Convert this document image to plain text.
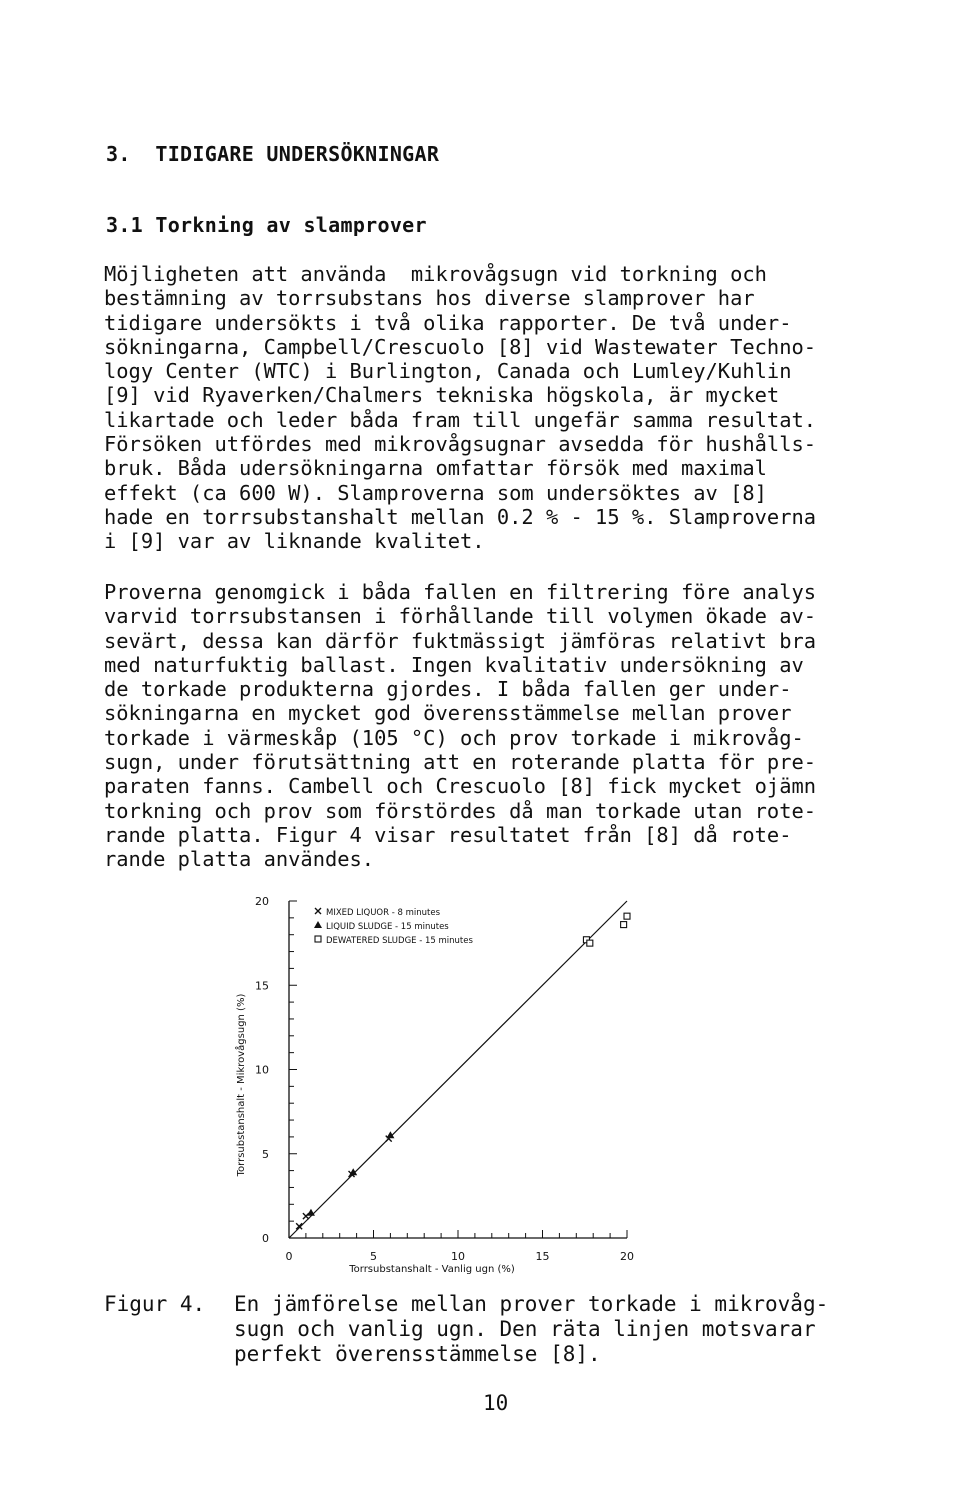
3.  TIDIGARE UNDERSÖKNINGAR
3.1 Torkning av slamprover
Möjligheten att använda  mikrovågsugn vid torkning och
bestämning av torrsubstans hos diverse slamprover har
tidigare undersökts i två olika rapporter. De två under-
sökningarna, Campbell/Crescuolo [8] vid Wastewater Techno-
logy Center (WTC) i Burlington, Canada och Lumley/Kuhlin
[9] vid Ryaverken/Chalmers tekniska högskola, är mycket
likartade och leder båda fram till ungefär samma resultat.
Försöken utfördes med mikrovågsugnar avsedda för hushålls-
bruk. Båda udersökningarna omfattar försök med maximal
effekt (ca 600 W). Slamproverna som undersöktes av [8]
hade en torrsubstanshalt mellan 0.2 % - 15 %. Slamproverna
i [9] var av liknande kvalitet.
Proverna genomgick i båda fallen en filtrering före analys
varvid torrsubstansen i förhållande till volymen ökade av-
sevärt, dessa kan därför fuktmässigt jämföras relativt bra
med naturfuktig ballast. Ingen kvalitativ undersökning av
de torkade produkterna gjordes. I båda fallen ger under-
sökningarna en mycket god överensstämmelse mellan prover
torkade i värmeskåp (105 °C) och prov torkade i mikrovåg-
sugn, under förutsättning att en roterande platta för pre-
paraten fanns. Cambell och Crescuolo [8] fick mycket ojämn
torkning och prov som förstördes då man torkade utan rote-
rande platta. Figur 4 visar resultatet från [8] då rote-
rande platta användes.
0	5	10	15	20
0
5
10
15
20
MIXED LIQUOR - 8 minutes
LIQUID SLUDGE - 15 minutes
DEWATERED SLUDGE - 15 minutes
Torrsubstanshalt - Mikrovågsugn (%)
Torrsubstanshalt - Vanlig ugn (%)
Figur 4. En jämförelse mellan prover torkade i mikrovåg-
sugn och vanlig ugn. Den räta linjen motsvarar
perfekt överensstämmelse [8].
10
